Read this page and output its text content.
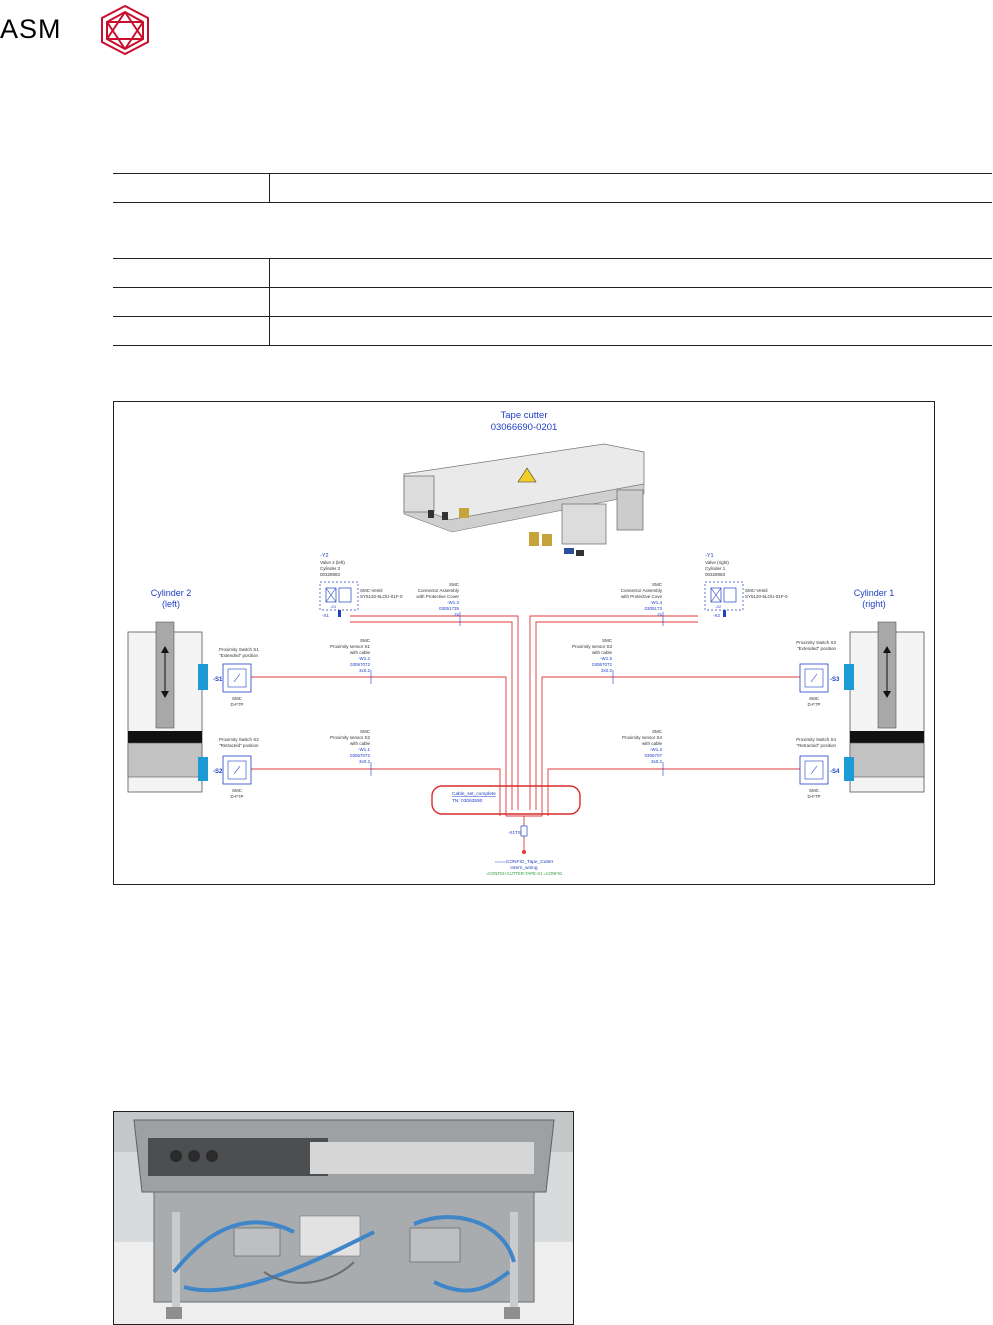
ASM

Tape cutter
03066690-0201
Cylinder 2
(left)
Cylinder 1
(right)
-Y2
Valve 2 (left)
Cylinder 2
00328983
SMC-Ventil
SY5120-5LOU-01F-0
-X1
-X1
-Y1
Valve (right)
Cylinder 1
00328983
SMC-Ventil
SY5120-5LOU-01F-0
-X2
-X2
SMC
Connector Assembly
with Protective Cover
-W1.3
03051735
2x
SMC
Connector Assembly
with Protective Cove
-W1.4
0305173
2x
SMC
Proximity sensor S1
with cable
-W1.2
03067072
3x0.2
SMC
Proximity sensor S2
with cable
-W1.1
03067072
3x0.2
SMC
Proximity sensor S3
with cable
-W1.5
03067072
3x0.2
SMC
Proximity sensor S4
with cable
-W1.3
0306707
3x0.2
-S1
Proximity Switch S1
"Extended" position
SMC
D-F7P
-S2
Proximity Switch S2
"Retracted" position
SMC
D-F7P
-S3
Proximity Switch S3
"Extended" position
SMC
D-F7P
-S4
Proximity Switch S4
"Retracted" position
SMC
D-F7P
Cable_set_complete
TN: 03063590
-X1TS
====CONFIG_Tape_Cutter
intern_wiring
=CONFIG+CUTTER-TAPE-X1 =CONFIG
